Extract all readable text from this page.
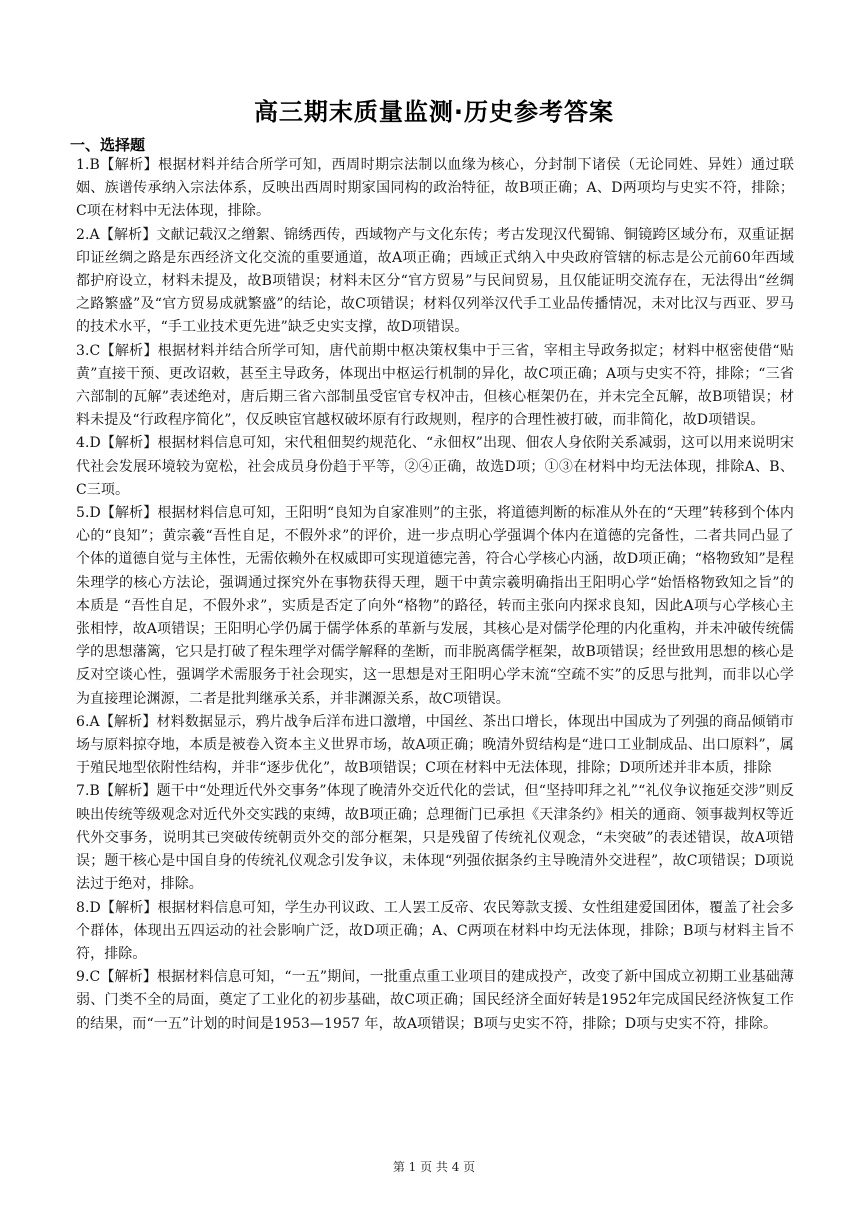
高三期末质量监测·历史参考答案
一、选择题

1.B【解析】根据材料并结合所学可知，西周时期宗法制以血缘为核心，分封制下诸侯（无论同姓、异姓）通过联姻、族谱传承纳入宗法体系，反映出西周时期家国同构的政治特征，故B项正确；A、D两项均与史实不符，排除；C项在材料中无法体现，排除。

2.A【解析】文献记载汉之缯絮、锦绣西传，西域物产与文化东传；考古发现汉代蜀锦、铜镜跨区域分布，双重证据印证丝绸之路是东西经济文化交流的重要通道，故A项正确；西域正式纳入中央政府管辖的标志是公元前60年西域都护府设立，材料未提及，故B项错误；材料未区分“官方贸易”与民间贸易，且仅能证明交流存在，无法得出“丝绸之路繁盛”及“官方贸易成就繁盛”的结论，故C项错误；材料仅列举汉代手工业品传播情况，未对比汉与西亚、罗马的技术水平，“手工业技术更先进”缺乏史实支撑，故D项错误。

3.C【解析】根据材料并结合所学可知，唐代前期中枢决策权集中于三省，宰相主导政务拟定；材料中枢密使借“贴黄”直接干预、更改诏敕，甚至主导政务，体现出中枢运行机制的异化，故C项正确；A项与史实不符，排除；“三省六部制的瓦解”表述绝对，唐后期三省六部制虽受宦官专权冲击，但核心框架仍在，并未完全瓦解，故B项错误；材料未提及“行政程序简化”，仅反映宦官越权破坏原有行政规则，程序的合理性被打破，而非简化，故D项错误。

4.D【解析】根据材料信息可知，宋代租佃契约规范化、“永佃权”出现、佃农人身依附关系减弱，这可以用来说明宋代社会发展环境较为宽松，社会成员身份趋于平等，②④正确，故选D项；①③在材料中均无法体现，排除A、B、C三项。

5.D【解析】根据材料信息可知，王阳明“良知为自家准则”的主张，将道德判断的标准从外在的“天理”转移到个体内心的“良知”；黄宗羲“吾性自足，不假外求”的评价，进一步点明心学强调个体内在道德的完备性，二者共同凸显了个体的道德自觉与主体性，无需依赖外在权威即可实现道德完善，符合心学核心内涵，故D项正确；“格物致知”是程朱理学的核心方法论，强调通过探究外在事物获得天理，题干中黄宗羲明确指出王阳明心学“始悟格物致知之旨”的本质是 “吾性自足，不假外求”，实质是否定了向外“格物”的路径，转而主张向内探求良知，因此A项与心学核心主张相悖，故A项错误；王阳明心学仍属于儒学体系的革新与发展，其核心是对儒学伦理的内化重构，并未冲破传统儒学的思想藩篱，它只是打破了程朱理学对儒学解释的垄断，而非脱离儒学框架，故B项错误；经世致用思想的核心是反对空谈心性，强调学术需服务于社会现实，这一思想是对王阳明心学末流“空疏不实”的反思与批判，而非以心学为直接理论渊源，二者是批判继承关系，并非渊源关系，故C项错误。

6.A【解析】材料数据显示，鸦片战争后洋布进口激增，中国丝、茶出口增长，体现出中国成为了列强的商品倾销市场与原料掠夺地，本质是被卷入资本主义世界市场，故A项正确；晚清外贸结构是“进口工业制成品、出口原料”，属于殖民地型依附性结构，并非“逐步优化”，故B项错误；C项在材料中无法体现，排除；D项所述并非本质，排除

7.B【解析】题干中“处理近代外交事务”体现了晚清外交近代化的尝试，但“坚持叩拜之礼”“礼仪争议拖延交涉”则反映出传统等级观念对近代外交实践的束缚，故B项正确；总理衙门已承担《天津条约》相关的通商、领事裁判权等近代外交事务，说明其已突破传统朝贡外交的部分框架，只是残留了传统礼仪观念，“未突破”的表述错误，故A项错误；题干核心是中国自身的传统礼仪观念引发争议，未体现“列强依据条约主导晚清外交进程”，故C项错误；D项说法过于绝对，排除。

8.D【解析】根据材料信息可知，学生办刊议政、工人罢工反帝、农民筹款支援、女性组建爱国团体，覆盖了社会多个群体，体现出五四运动的社会影响广泛，故D项正确；A、C两项在材料中均无法体现，排除；B项与材料主旨不符，排除。

9.C【解析】根据材料信息可知，“一五”期间，一批重点重工业项目的建成投产，改变了新中国成立初期工业基础薄弱、门类不全的局面，奠定了工业化的初步基础，故C项正确；国民经济全面好转是1952年完成国民经济恢复工作的结果，而“一五”计划的时间是1953—1957 年，故A项错误；B项与史实不符，排除；D项与史实不符，排除。

第 1 页 共 4 页
